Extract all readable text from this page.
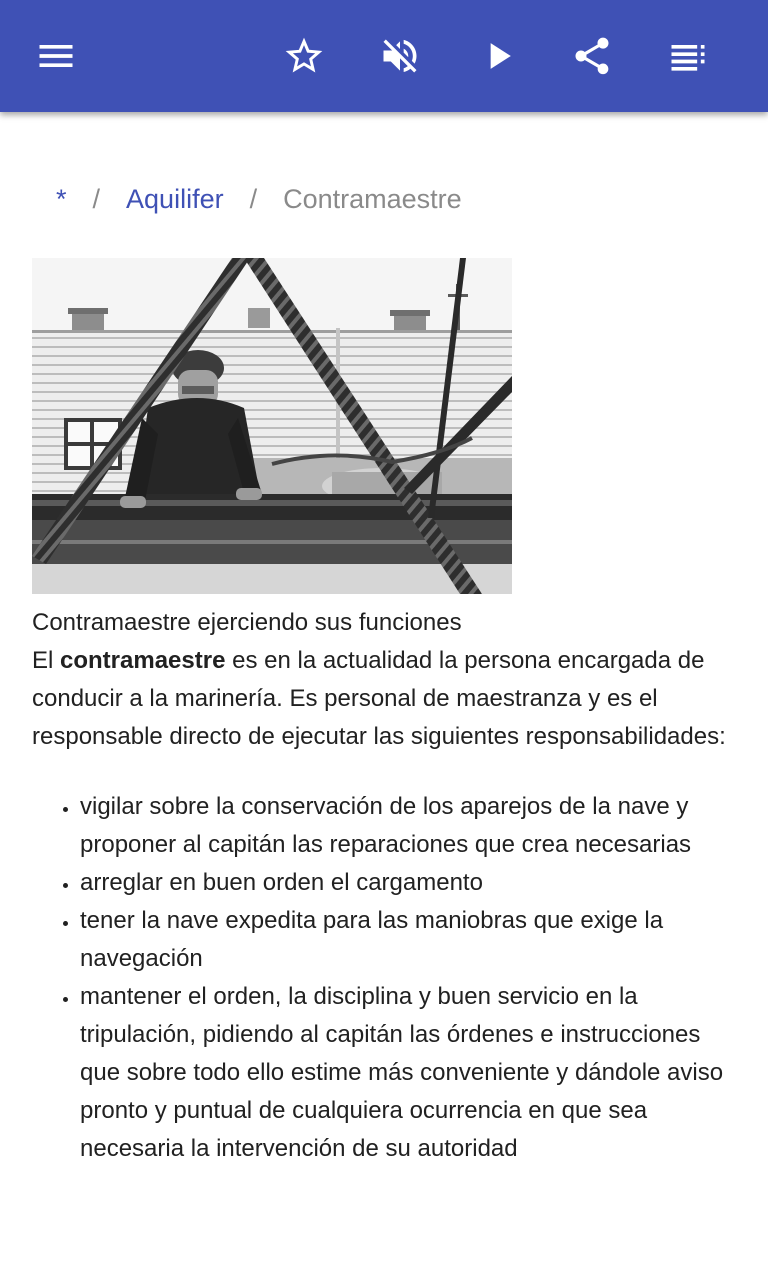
* / Aquilifer / Contramaestre

Contramaestre ejerciendo sus funciones

El contramaestre es en la actualidad la persona encargada de conducir a la marinería. Es personal de maestranza y es el responsable directo de ejecutar las siguientes responsabilidades:

• vigilar sobre la conservación de los aparejos de la nave y proponer al capitán las reparaciones que crea necesarias
• arreglar en buen orden el cargamento
• tener la nave expedita para las maniobras que exige la navegación
• mantener el orden, la disciplina y buen servicio en la tripulación, pidiendo al capitán las órdenes e instrucciones que sobre todo ello estime más conveniente y dándole aviso pronto y puntual de cualquiera ocurrencia en que sea necesaria la intervención de su autoridad
